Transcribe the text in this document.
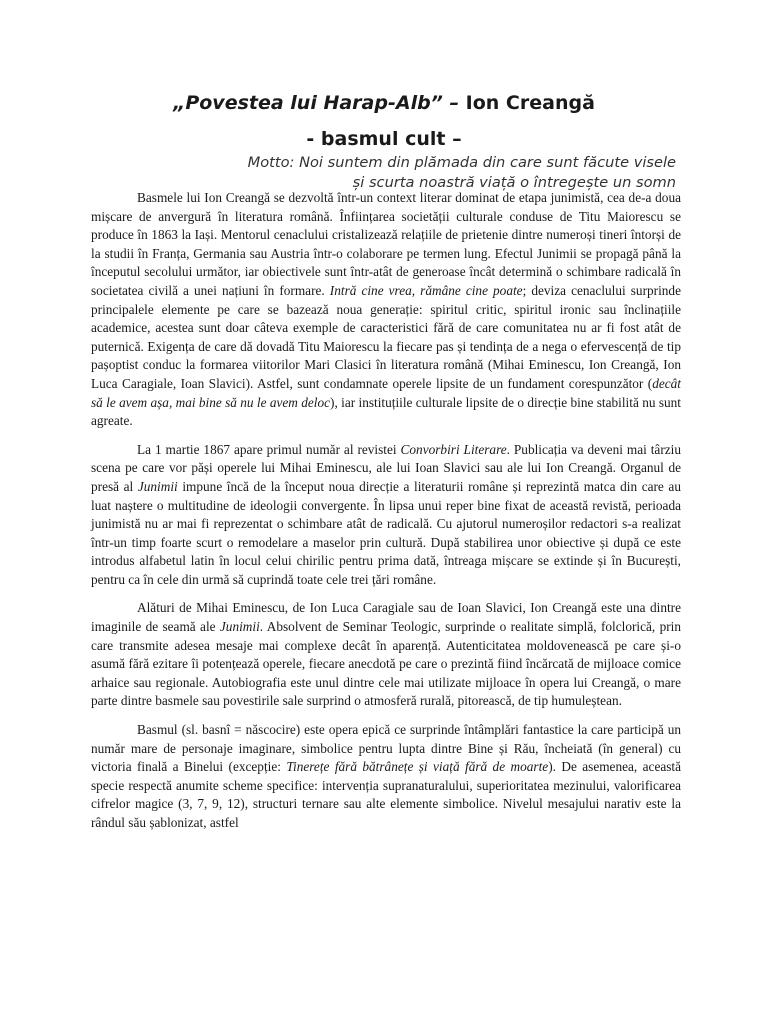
„Povestea lui Harap-Alb” – Ion Creangă
- basmul cult –
Motto: Noi suntem din plămada din care sunt făcute visele
și scurta noastră viață o întregește un somn

Basmele lui Ion Creangă se dezvoltă într-un context literar dominat de etapa junimistă, cea de-a doua mișcare de anvergură în literatura română. Înființarea societății culturale conduse de Titu Maiorescu se produce în 1863 la Iași. Mentorul cenaclului cristalizează relațiile de prietenie dintre numeroși tineri întorși de la studii în Franța, Germania sau Austria într-o colaborare pe termen lung. Efectul Junimii se propagă până la începutul secolului următor, iar obiectivele sunt într-atât de generoase încât determină o schimbare radicală în societatea civilă a unei națiuni în formare. Intră cine vrea, rămâne cine poate; deviza cenaclului surprinde principalele elemente pe care se bazează noua generație: spiritul critic, spiritul ironic sau înclinațiile academice, acestea sunt doar câteva exemple de caracteristici fără de care comunitatea nu ar fi fost atât de puternică. Exigența de care dă dovadă Titu Maiorescu la fiecare pas și tendința de a nega o efervescență de tip pașoptist conduc la formarea viitorilor Mari Clasici în literatura română (Mihai Eminescu, Ion Creangă, Ion Luca Caragiale, Ioan Slavici). Astfel, sunt condamnate operele lipsite de un fundament corespunzător (decât să le avem așa, mai bine să nu le avem deloc), iar instituțiile culturale lipsite de o direcție bine stabilită nu sunt agreate.

La 1 martie 1867 apare primul număr al revistei Convorbiri Literare. Publicația va deveni mai târziu scena pe care vor păși operele lui Mihai Eminescu, ale lui Ioan Slavici sau ale lui Ion Creangă. Organul de presă al Junimii impune încă de la început noua direcție a literaturii române și reprezintă matca din care au luat naștere o multitudine de ideologii convergente. În lipsa unui reper bine fixat de această revistă, perioada junimistă nu ar mai fi reprezentat o schimbare atât de radicală. Cu ajutorul numeroșilor redactori s-a realizat într-un timp foarte scurt o remodelare a maselor prin cultură. După stabilirea unor obiective și după ce este introdus alfabetul latin în locul celui chirilic pentru prima dată, întreaga mișcare se extinde și în București, pentru ca în cele din urmă să cuprindă toate cele trei țări române.

Alături de Mihai Eminescu, de Ion Luca Caragiale sau de Ioan Slavici, Ion Creangă este una dintre imaginile de seamă ale Junimii. Absolvent de Seminar Teologic, surprinde o realitate simplă, folclorică, prin care transmite adesea mesaje mai complexe decât în aparență. Autenticitatea moldovenească pe care și-o asumă fără ezitare îi potențează operele, fiecare anecdotă pe care o prezintă fiind încărcată de mijloace comice arhaice sau regionale. Autobiografia este unul dintre cele mai utilizate mijloace în opera lui Creangă, o mare parte dintre basmele sau povestirile sale surprind o atmosferă rurală, pitorească, de tip humuleștean.

Basmul (sl. basnî = născocire) este opera epică ce surprinde întâmplări fantastice la care participă un număr mare de personaje imaginare, simbolice pentru lupta dintre Bine și Rău, încheiată (în general) cu victoria finală a Binelui (excepție: Tinerețe fără bătrânețe și viață fără de moarte). De asemenea, această specie respectă anumite scheme specifice: intervenția supranaturalului, superioritatea mezinului, valorificarea cifrelor magice (3, 7, 9, 12), structuri ternare sau alte elemente simbolice. Nivelul mesajului narativ este la rândul său șablonizat, astfel
